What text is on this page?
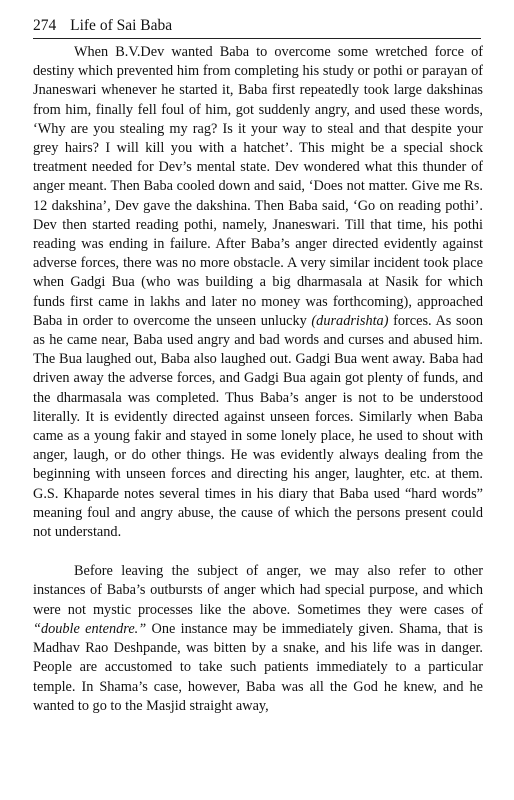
274 Life of Sai Baba

When B.V.Dev wanted Baba to overcome some wretched force of destiny which prevented him from completing his study or pothi or parayan of Jnaneswari whenever he started it, Baba first repeatedly took large dakshinas from him, finally fell foul of him, got suddenly angry, and used these words, ‘Why are you stealing my rag? Is it your way to steal and that despite your grey hairs? I will kill you with a hatchet’. This might be a special shock treatment needed for Dev’s mental state. Dev wondered what this thunder of anger meant. Then Baba cooled down and said, ‘Does not matter. Give me Rs. 12 dakshina’, Dev gave the dakshina. Then Baba said, ‘Go on reading pothi’. Dev then started reading pothi, namely, Jnaneswari. Till that time, his pothi reading was ending in failure. After Baba’s anger directed evidently against adverse forces, there was no more obstacle. A very similar incident took place when Gadgi Bua (who was building a big dharmasala at Nasik for which funds first came in lakhs and later no money was forthcoming), approached Baba in order to overcome the unseen unlucky (duradrishta) forces. As soon as he came near, Baba used angry and bad words and curses and abused him. The Bua laughed out, Baba also laughed out. Gadgi Bua went away. Baba had driven away the adverse forces, and Gadgi Bua again got plenty of funds, and the dharmasala was completed. Thus Baba’s anger is not to be understood literally. It is evidently directed against unseen forces. Similarly when Baba came as a young fakir and stayed in some lonely place, he used to shout with anger, laugh, or do other things. He was evidently always dealing from the beginning with unseen forces and directing his anger, laughter, etc. at them. G.S. Khaparde notes several times in his diary that Baba used “hard words” meaning foul and angry abuse, the cause of which the persons present could not understand.

Before leaving the subject of anger, we may also refer to other instances of Baba’s outbursts of anger which had special purpose, and which were not mystic processes like the above. Sometimes they were cases of “double entendre.” One instance may be immediately given. Shama, that is Madhav Rao Deshpande, was bitten by a snake, and his life was in danger. People are accustomed to take such patients immediately to a particular temple. In Shama’s case, however, Baba was all the God he knew, and he wanted to go to the Masjid straight away,
